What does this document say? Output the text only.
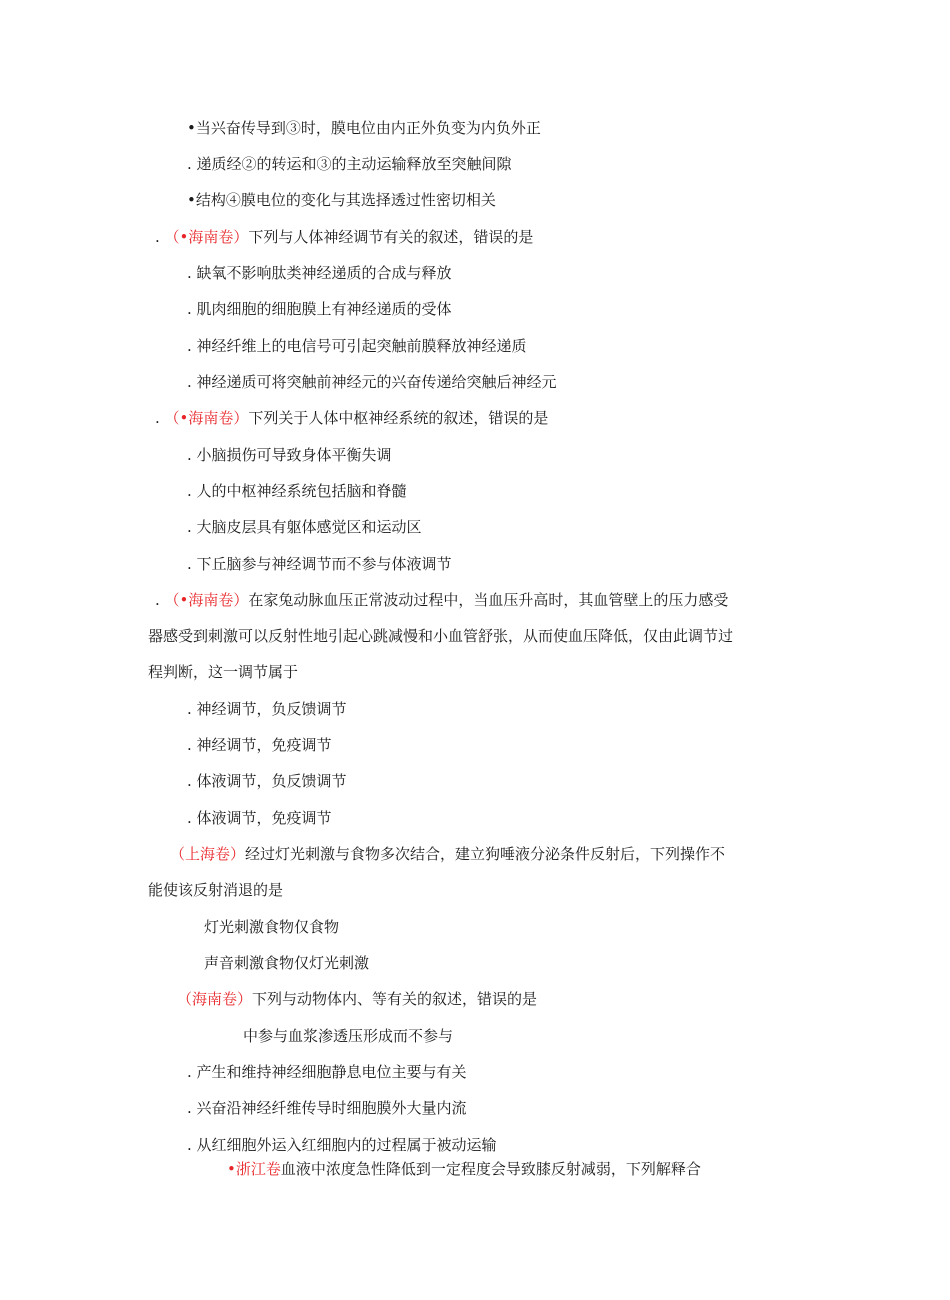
•当兴奋传导到③时，膜电位由内正外负变为内负外正
. 递质经②的转运和③的主动运输释放至突触间隙
•结构④膜电位的变化与其选择透过性密切相关
. （•海南卷）下列与人体神经调节有关的叙述，错误的是
. 缺氧不影响肽类神经递质的合成与释放
. 肌肉细胞的细胞膜上有神经递质的受体
. 神经纤维上的电信号可引起突触前膜释放神经递质
. 神经递质可将突触前神经元的兴奋传递给突触后神经元
. （•海南卷）下列关于人体中枢神经系统的叙述，错误的是
. 小脑损伤可导致身体平衡失调
. 人的中枢神经系统包括脑和脊髓
. 大脑皮层具有躯体感觉区和运动区
. 下丘脑参与神经调节而不参与体液调节
. （•海南卷）在家兔动脉血压正常波动过程中，当血压升高时，其血管壁上的压力感受
器感受到刺激可以反射性地引起心跳减慢和小血管舒张，从而使血压降低，仅由此调节过
程判断，这一调节属于
. 神经调节，负反馈调节
. 神经调节，免疫调节
. 体液调节，负反馈调节
. 体液调节，免疫调节
（上海卷）经过灯光刺激与食物多次结合，建立狗唾液分泌条件反射后，下列操作不
能使该反射消退的是
灯光刺激食物仅食物
声音刺激食物仅灯光刺激
（海南卷）下列与动物体内、等有关的叙述，错误的是
中参与血浆渗透压形成而不参与
. 产生和维持神经细胞静息电位主要与有关
. 兴奋沿神经纤维传导时细胞膜外大量内流
. 从红细胞外运入红细胞内的过程属于被动运输
•浙江卷血液中浓度急性降低到一定程度会导致膝反射减弱，下列解释合
